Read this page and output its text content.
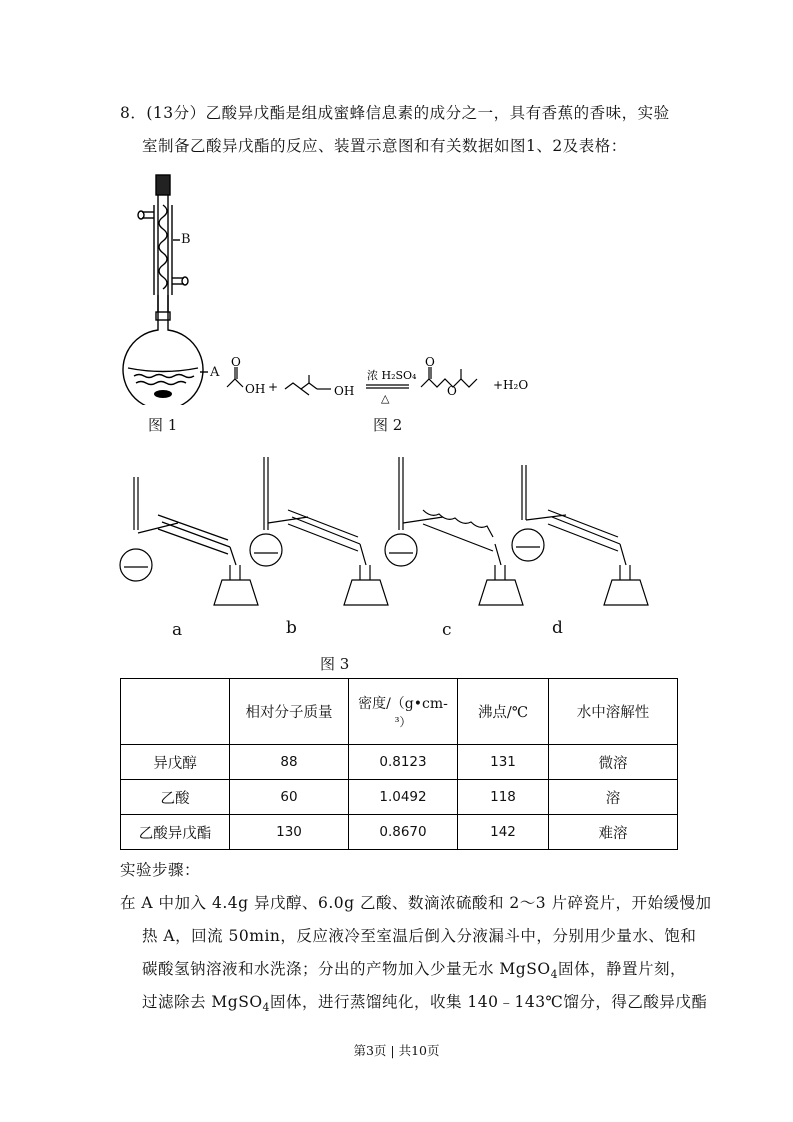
8．(13分）乙酸异戊酯是组成蜜蜂信息素的成分之一，具有香蕉的香味，实验
室制备乙酸异戊酯的反应、装置示意图和有关数据如图1、2及表格：
B
A
图 1
O
OH +	OH
浓 H₂SO₄
△
O
O	+H₂O
图 2
a	b	c	d
图 3
	相对分子质量	密度/（g•cm-
³）	沸点/℃	水中溶解性
异戊醇	88	0.8123	131	微溶
乙酸	60	1.0492	118	溶
乙酸异戊酯	130	0.8670	142	难溶
实验步骤：
在 A 中加入 4.4g 异戊醇、6.0g 乙酸、数滴浓硫酸和 2～3 片碎瓷片，开始缓慢加
热 A，回流 50min，反应液冷至室温后倒入分液漏斗中，分别用少量水、饱和
碳酸氢钠溶液和水洗涤；分出的产物加入少量无水 MgSO$_4$固体，静置片刻，
过滤除去 MgSO$_4$固体，进行蒸馏纯化，收集 140﹣143℃馏分，得乙酸异戊酯
第3页 | 共10页
